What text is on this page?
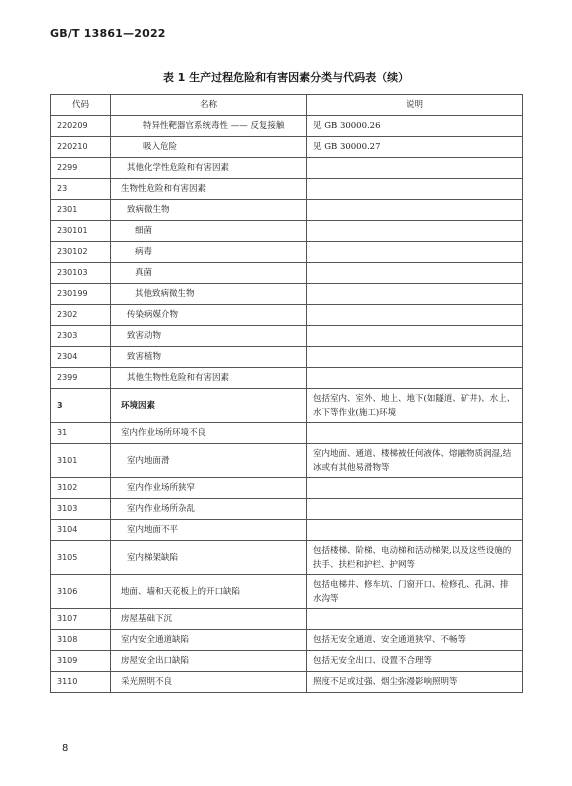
GB/T 13861—2022
表 1 生产过程危险和有害因素分类与代码表（续）
代码	名称	说明
220209	特异性靶器官系统毒性 —— 反复接触	见 GB 30000.26
220210	吸入危险	见 GB 30000.27
2299	其他化学性危险和有害因素	
23	生物性危险和有害因素	
2301	致病微生物	
230101	细菌	
230102	病毒	
230103	真菌	
230199	其他致病微生物	
2302	传染病媒介物	
2303	致害动物	
2304	致害植物	
2399	其他生物性危险和有害因素	
3	环境因素	包括室内、室外、地上、地下(如隧道、矿井)、水上、水下等作业(施工)环境
31	室内作业场所环境不良	
3101	室内地面滑	室内地面、通道、楼梯被任何液体、熔融物质润湿,结冰或有其他易滑物等
3102	室内作业场所狭窄	
3103	室内作业场所杂乱	
3104	室内地面不平	
3105	室内梯架缺陷	包括楼梯、阶梯、电动梯和活动梯架,以及这些设施的扶手、扶栏和护栏、护网等
3106	地面、墙和天花板上的开口缺陷	包括电梯井、修车坑、门窗开口、检修孔、孔洞、排水沟等
3107	房屋基础下沉	
3108	室内安全通道缺陷	包括无安全通道、安全通道狭窄、不畅等
3109	房屋安全出口缺陷	包括无安全出口、设置不合理等
3110	采光照明不良	照度不足或过强、烟尘弥漫影响照明等
8
